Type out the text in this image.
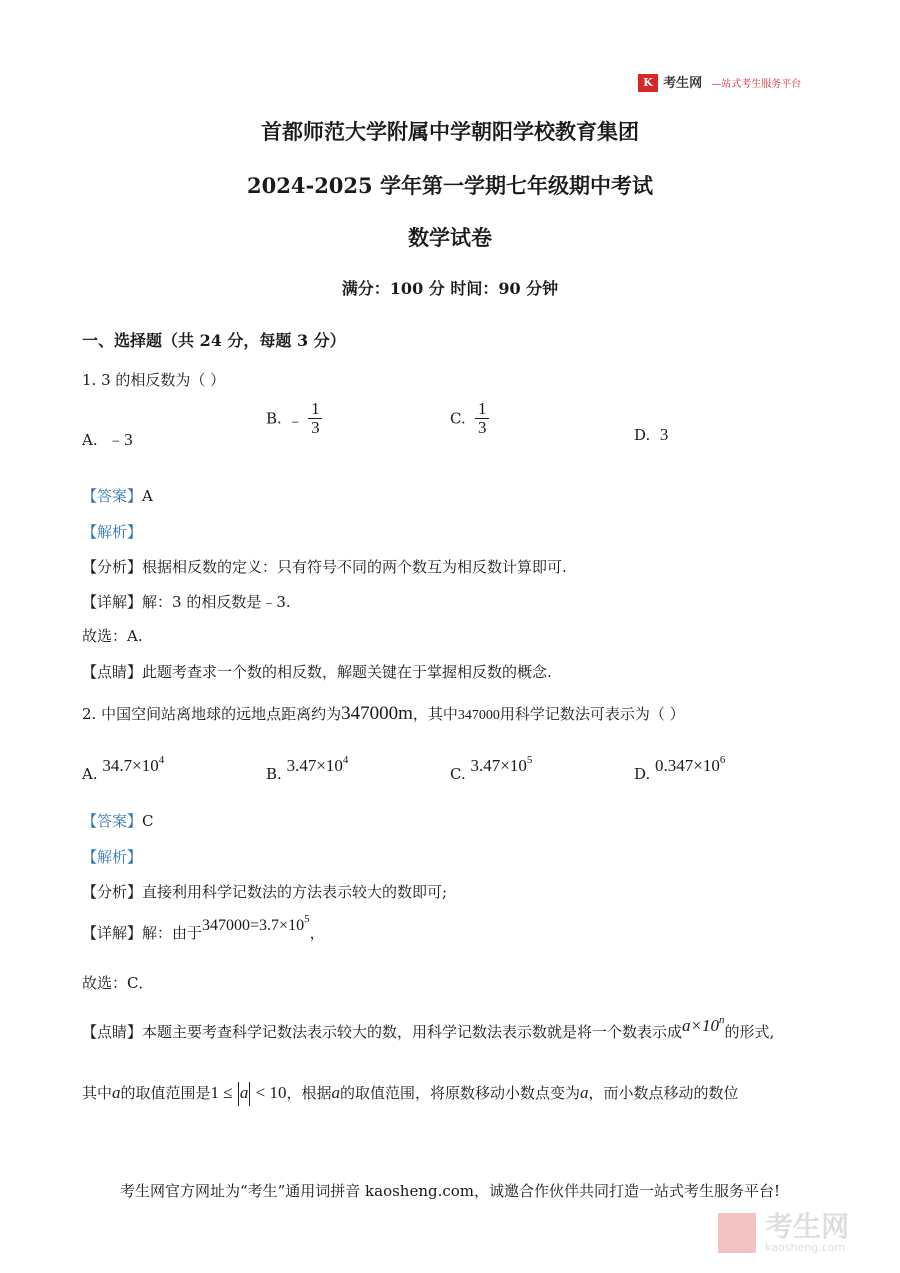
K 考生网 —站式考生服务平台
首都师范大学附属中学朝阳学校教育集团
2024-2025 学年第一学期七年级期中考试
数学试卷
满分：100 分 时间：90 分钟
一、选择题（共 24 分，每题 3 分）
1. 3 的相反数为（ ）
A. ﹣3
B. ﹣ $\frac{1}{3}$	C. $\frac{1}{3}$	D. 3
【答案】A
【解析】
【分析】根据相反数的定义：只有符号不同的两个数互为相反数计算即可.
【详解】解：3 的相反数是﹣3.
故选：A.
【点睛】此题考查求一个数的相反数，解题关键在于掌握相反数的概念.
2. 中国空间站离地球的远地点距离约为347000m，其中347000用科学记数法可表示为（ ）
A. $34.7\times 10^4$
B. $3.47\times 10^4$
C. $3.47\times 10^5$
D. $0.347\times 10^6$
【答案】C
【解析】
【分析】直接利用科学记数法的方法表示较大的数即可;
【详解】解：由于$347000=3.7\times 10^5$，
故选：C．
【点睛】本题主要考查科学记数法表示较大的数，用科学记数法表示数就是将一个数表示成$a\times 10^n$的形式,
其中a的取值范围是1 ≤ a < 10，根据a的取值范围，将原数移动小数点变为a，而小数点移动的数位
考生网官方网址为“考生”通用词拼音 kaosheng.com，诚邀合作伙伴共同打造一站式考生服务平台!

考生网
kaosheng.com
